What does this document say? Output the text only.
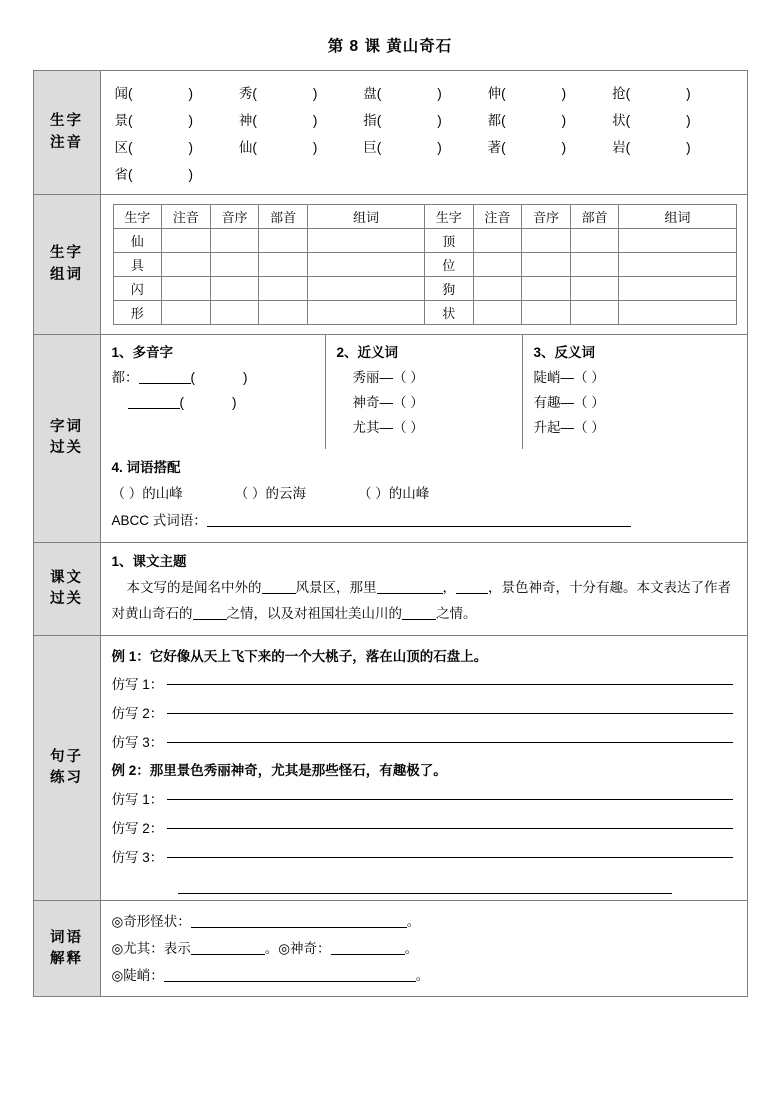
第 8 课 黄山奇石
生字
注音

闻(	)	秀(	)	盘(	)	伸(	)	抢(	)
景(	)	神(	)	指(	)	都(	)	状(	)
区(	)	仙(	)	巨(	)	著(	)	岩(	)
省(	)				

生字
组词

生字	注音	音序	部首	组词	生字	注音	音序	部首	组词
仙					顶				
具					位				
闪					狗				
形					状				

字词
过关

1、多音字
都：	(	)
(	)

2、近义词
秀丽—（ ）
神奇—（ ）
尤其—（ ）

3、反义词
陡峭—（ ）
有趣—（ ）
升起—（ ）

4. 词语搭配
（ ）的山峰	（ ）的云海	（ ）的山峰
ABCC 式词语：

课文
过关

1、课文主题
本文写的是闻名中外的	风景区，那里	， ，景色神奇，十分有趣。本文表达了作者对黄山奇石的	之情，以及对祖国壮美山川的	之情。

句子
练习

例 1：它好像从天上飞下来的一个大桃子，落在山顶的石盘上。
仿写 1：
仿写 2：
仿写 3：
例 2：那里景色秀丽神奇，尤其是那些怪石，有趣极了。
仿写 1：
仿写 2：
仿写 3：

词语
解释

◎奇形怪状：	。
◎尤其：表示	。◎神奇：	。
◎陡峭：	。
